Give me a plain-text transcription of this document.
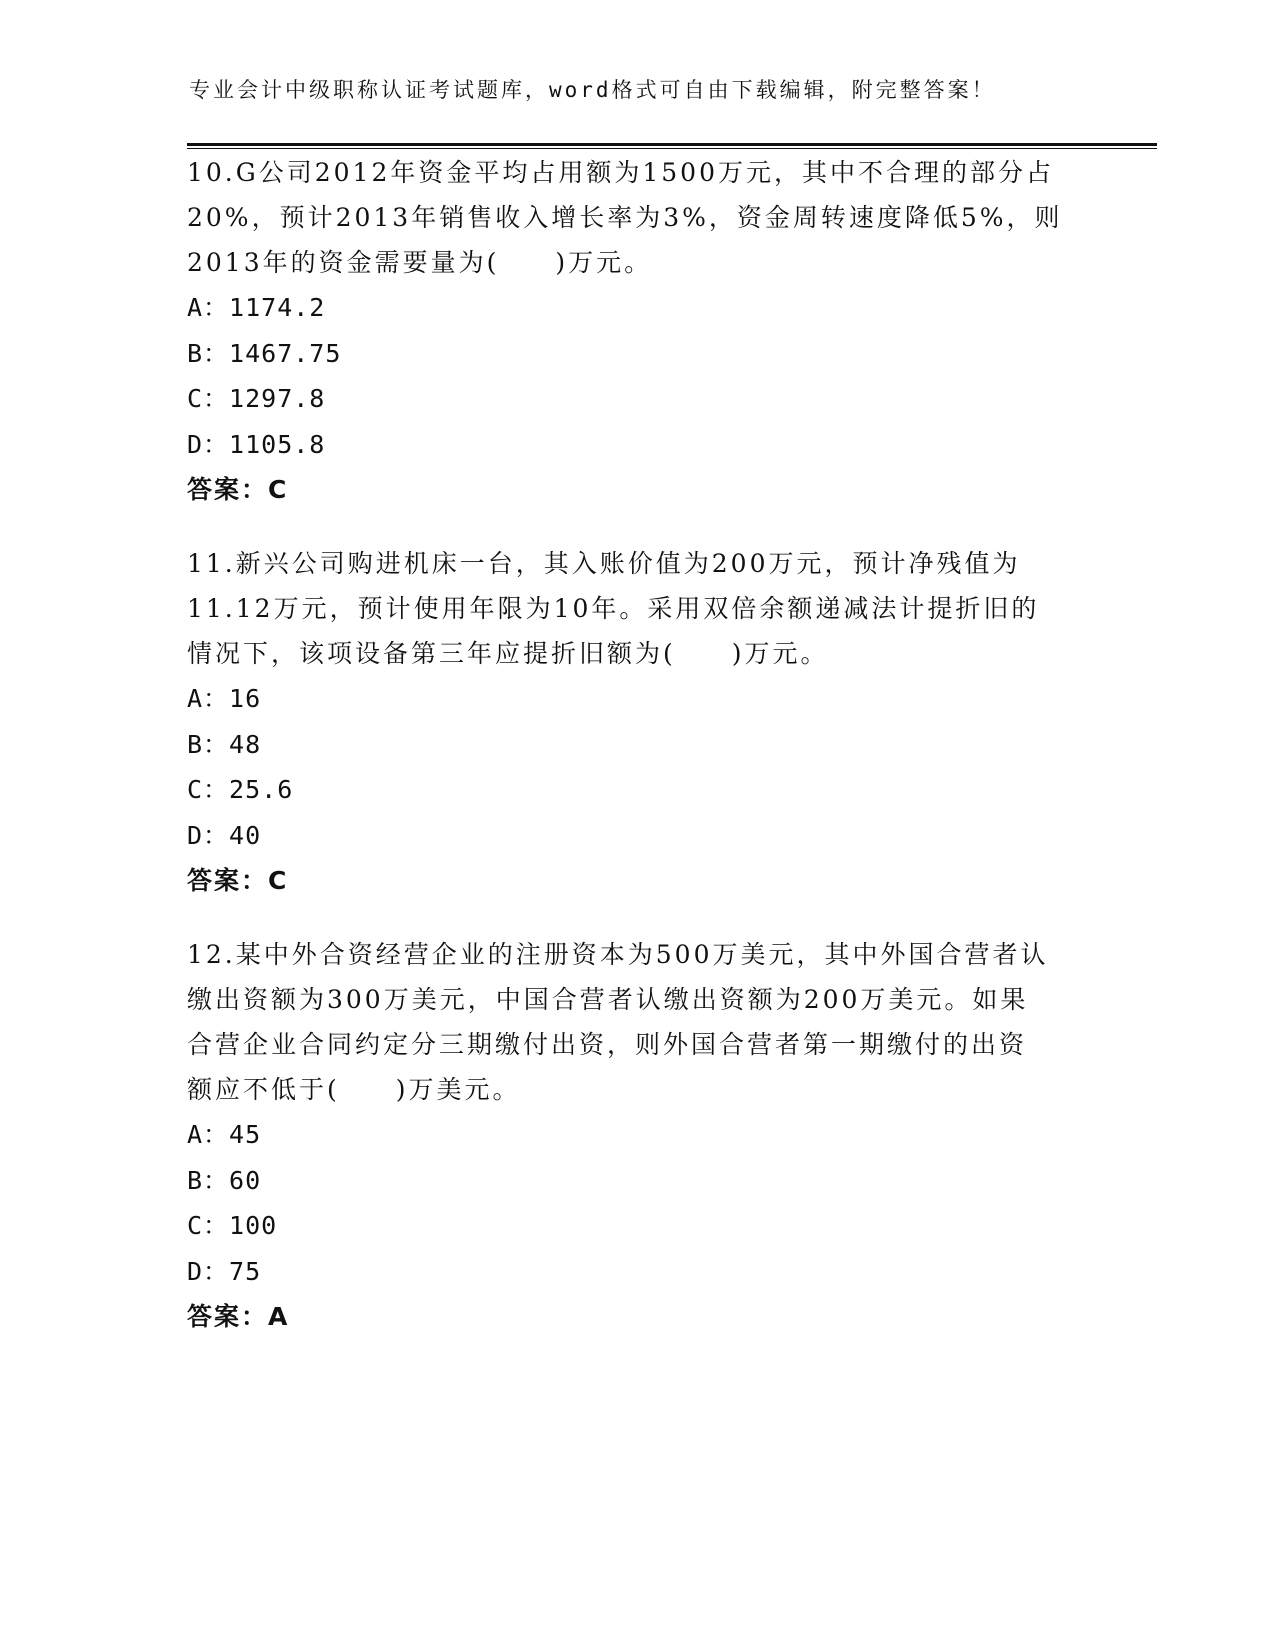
专业会计中级职称认证考试题库，word格式可自由下载编辑，附完整答案！
10.G公司2012年资金平均占用额为1500万元，其中不合理的部分占
20%，预计2013年销售收入增长率为3%，资金周转速度降低5%，则
2013年的资金需要量为(　　)万元。
A：1174.2
B：1467.75
C：1297.8
D：1105.8
答案：C
11.新兴公司购进机床一台，其入账价值为200万元，预计净残值为
11.12万元，预计使用年限为10年。采用双倍余额递减法计提折旧的
情况下，该项设备第三年应提折旧额为(　　)万元。
A：16
B：48
C：25.6
D：40
答案：C
12.某中外合资经营企业的注册资本为500万美元，其中外国合营者认
缴出资额为300万美元，中国合营者认缴出资额为200万美元。如果
合营企业合同约定分三期缴付出资，则外国合营者第一期缴付的出资
额应不低于(　　)万美元。
A：45
B：60
C：100
D：75
答案：A
